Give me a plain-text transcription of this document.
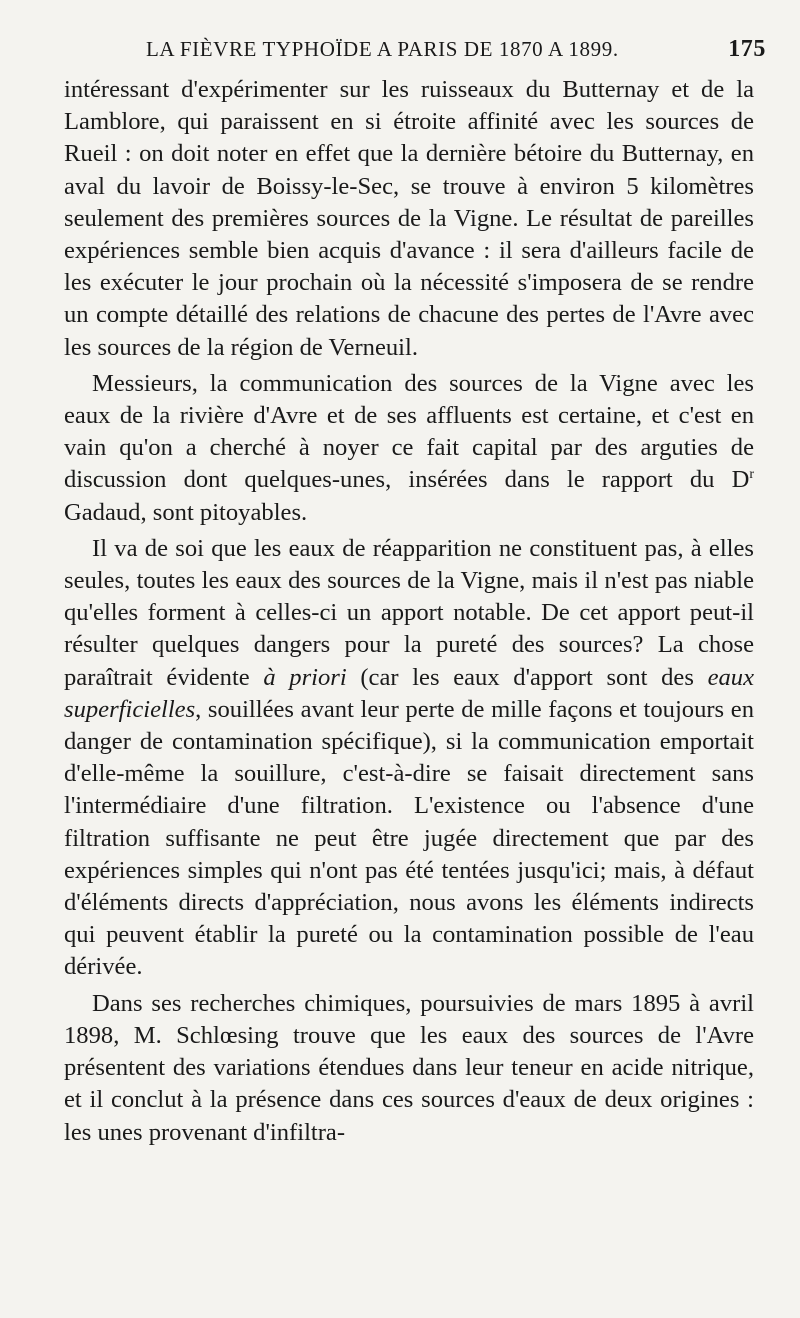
LA FIÈVRE TYPHOÏDE A PARIS DE 1870 A 1899.	175

intéressant d'expérimenter sur les ruisseaux du Butternay et de la Lamblore, qui paraissent en si étroite affinité avec les sources de Rueil : on doit noter en effet que la dernière bétoire du Butternay, en aval du lavoir de Boissy-le-Sec, se trouve à environ 5 kilomètres seulement des premières sources de la Vigne. Le résultat de pareilles expériences semble bien acquis d'avance : il sera d'ailleurs facile de les exécuter le jour prochain où la nécessité s'imposera de se rendre un compte détaillé des relations de chacune des pertes de l'Avre avec les sources de la région de Verneuil.

Messieurs, la communication des sources de la Vigne avec les eaux de la rivière d'Avre et de ses affluents est certaine, et c'est en vain qu'on a cherché à noyer ce fait capital par des arguties de discussion dont quelques-unes, insérées dans le rapport du $D^r$ Gadaud, sont pitoyables.

Il va de soi que les eaux de réapparition ne constituent pas, à elles seules, toutes les eaux des sources de la Vigne, mais il n'est pas niable qu'elles forment à celles-ci un apport notable. De cet apport peut-il résulter quelques dangers pour la pureté des sources? La chose paraîtrait évidente à priori (car les eaux d'apport sont des eaux superficielles, souillées avant leur perte de mille façons et toujours en danger de contamination spécifique), si la communication emportait d'elle-même la souillure, c'est-à-dire se faisait directement sans l'intermédiaire d'une filtration. L'existence ou l'absence d'une filtration suffisante ne peut être jugée directement que par des expériences simples qui n'ont pas été tentées jusqu'ici; mais, à défaut d'éléments directs d'appréciation, nous avons les éléments indirects qui peuvent établir la pureté ou la contamination possible de l'eau dérivée.

Dans ses recherches chimiques, poursuivies de mars 1895 à avril 1898, M. Schlœsing trouve que les eaux des sources de l'Avre présentent des variations étendues dans leur teneur en acide nitrique, et il conclut à la présence dans ces sources d'eaux de deux origines : les unes provenant d'infiltra-
